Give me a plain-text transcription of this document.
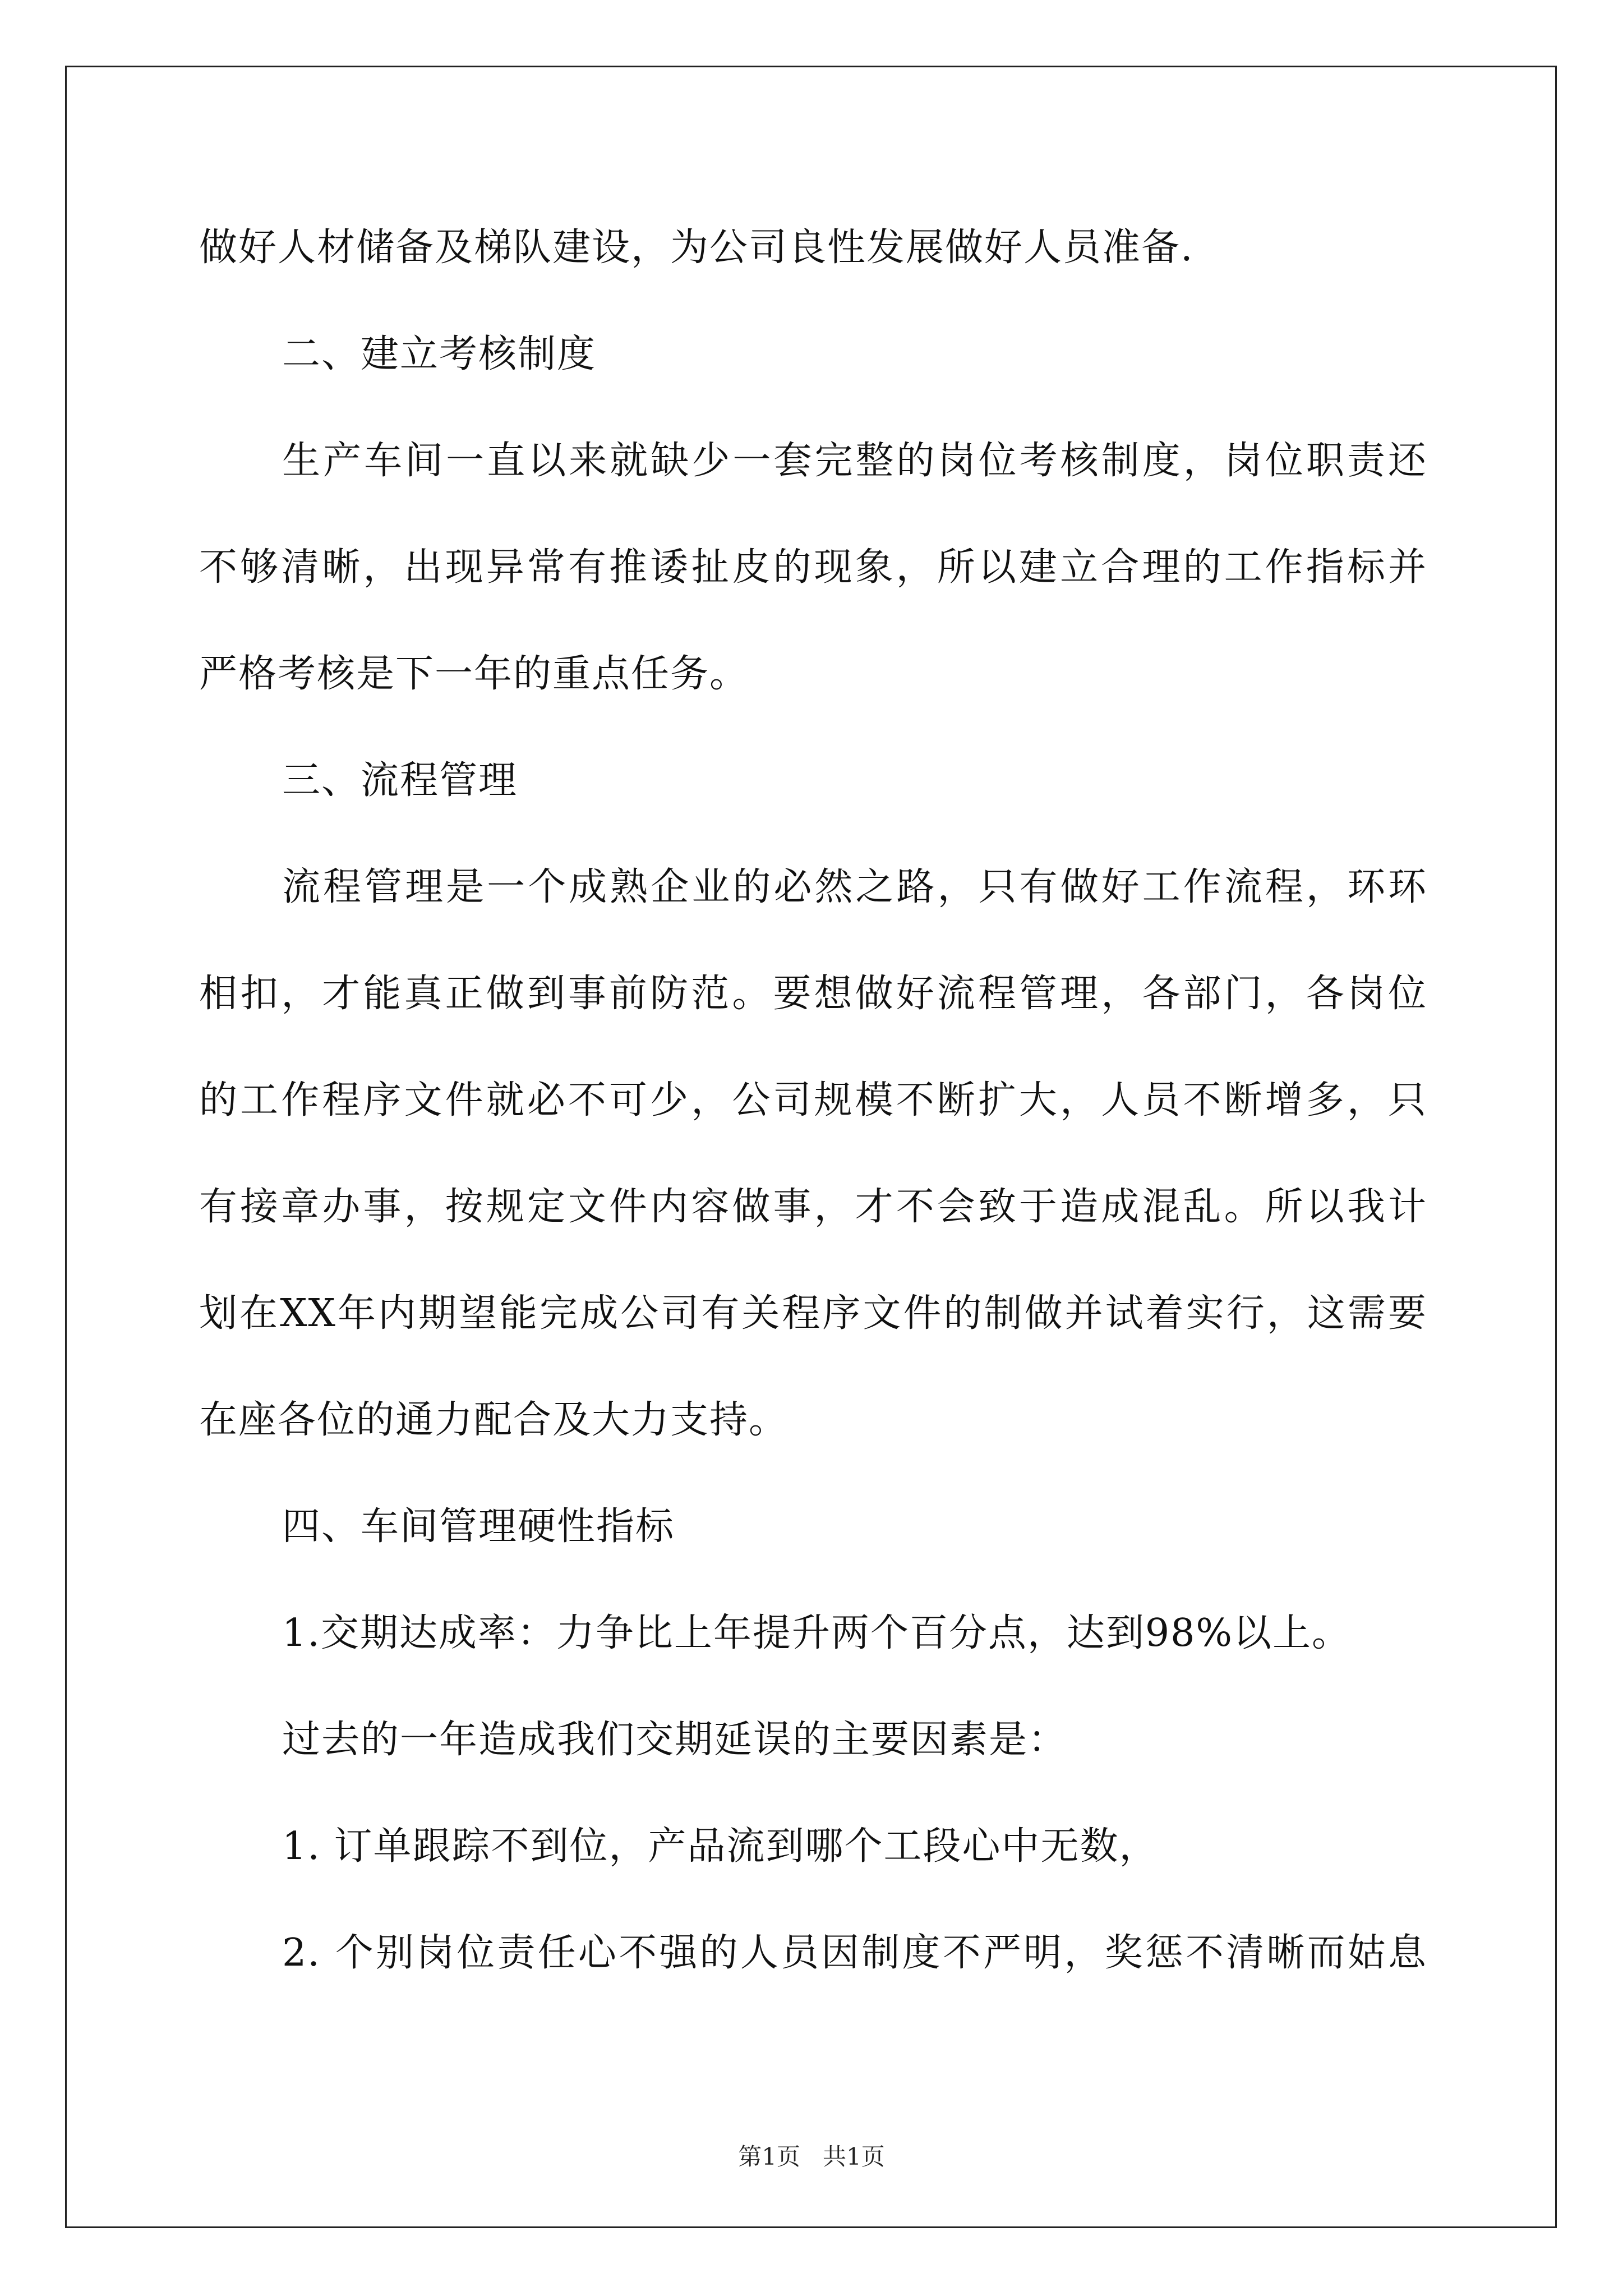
做好人材储备及梯队建设，为公司良性发展做好人员准备.
二、建立考核制度
生产车间一直以来就缺少一套完整的岗位考核制度，岗位职责还
不够清晰，出现异常有推诿扯皮的现象，所以建立合理的工作指标并
严格考核是下一年的重点任务。
三、流程管理
流程管理是一个成熟企业的必然之路，只有做好工作流程，环环
相扣，才能真正做到事前防范。要想做好流程管理，各部门，各岗位
的工作程序文件就必不可少，公司规模不断扩大，人员不断增多，只
有接章办事，按规定文件内容做事，才不会致于造成混乱。所以我计
划在XX年内期望能完成公司有关程序文件的制做并试着实行，这需要
在座各位的通力配合及大力支持。
四、车间管理硬性指标
1.交期达成率：力争比上年提升两个百分点，达到98%以上。
过去的一年造成我们交期延误的主要因素是：
1. 订单跟踪不到位，产品流到哪个工段心中无数，
2. 个别岗位责任心不强的人员因制度不严明，奖惩不清晰而姑息
第1页   共1页
